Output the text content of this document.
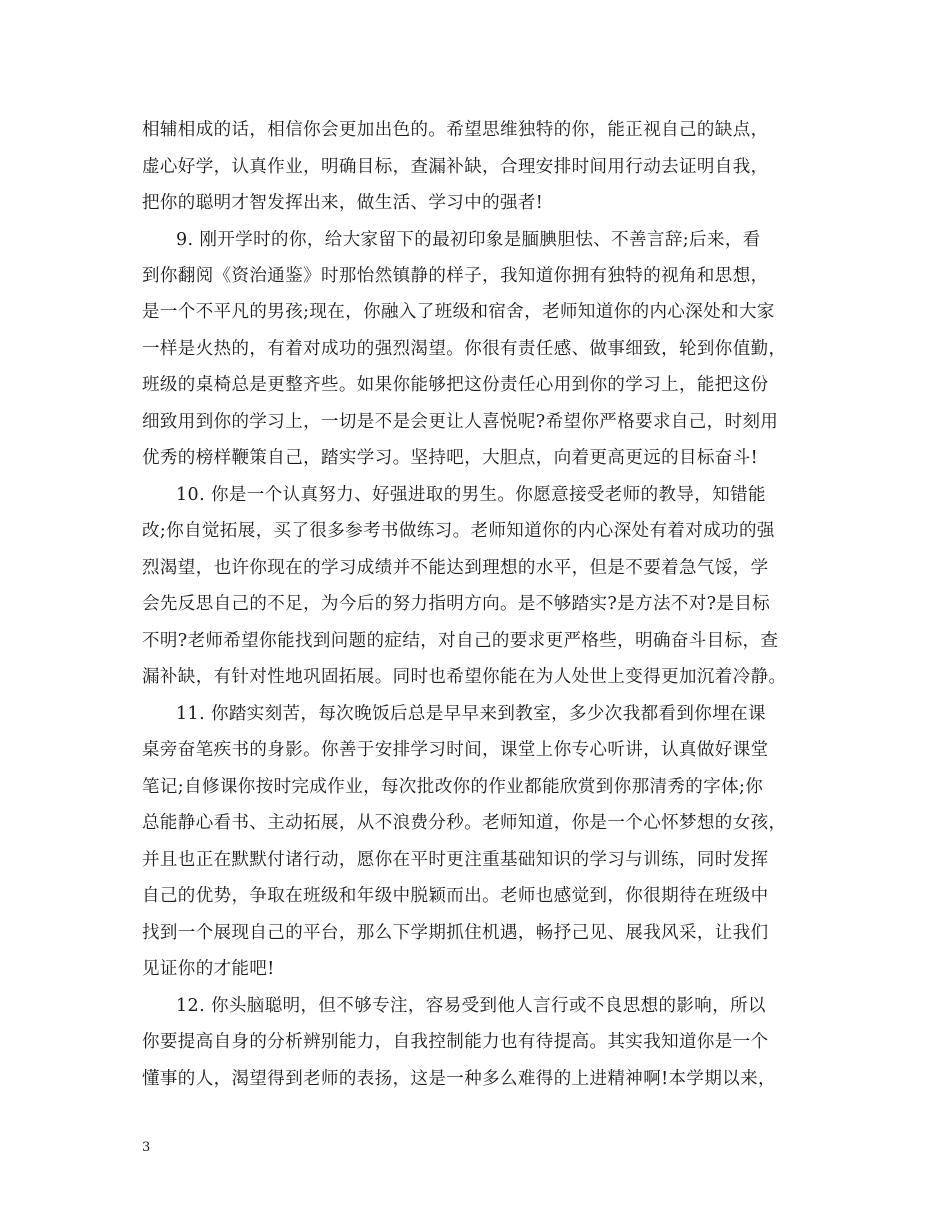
相辅相成的话，相信你会更加出色的。希望思维独特的你，能正视自己的缺点，
虚心好学，认真作业，明确目标，查漏补缺，合理安排时间用行动去证明自我，
把你的聪明才智发挥出来，做生活、学习中的强者!
9. 刚开学时的你，给大家留下的最初印象是腼腆胆怯、不善言辞;后来，看
到你翻阅《资治通鉴》时那怡然镇静的样子，我知道你拥有独特的视角和思想，
是一个不平凡的男孩;现在，你融入了班级和宿舍，老师知道你的内心深处和大家
一样是火热的，有着对成功的强烈渴望。你很有责任感、做事细致，轮到你值勤，
班级的桌椅总是更整齐些。如果你能够把这份责任心用到你的学习上，能把这份
细致用到你的学习上，一切是不是会更让人喜悦呢?希望你严格要求自己，时刻用
优秀的榜样鞭策自己，踏实学习。坚持吧，大胆点，向着更高更远的目标奋斗!
10. 你是一个认真努力、好强进取的男生。你愿意接受老师的教导，知错能
改;你自觉拓展，买了很多参考书做练习。老师知道你的内心深处有着对成功的强
烈渴望，也许你现在的学习成绩并不能达到理想的水平，但是不要着急气馁，学
会先反思自己的不足，为今后的努力指明方向。是不够踏实?是方法不对?是目标
不明?老师希望你能找到问题的症结，对自己的要求更严格些，明确奋斗目标，查
漏补缺，有针对性地巩固拓展。同时也希望你能在为人处世上变得更加沉着冷静。
11. 你踏实刻苦，每次晚饭后总是早早来到教室，多少次我都看到你埋在课
桌旁奋笔疾书的身影。你善于安排学习时间，课堂上你专心听讲，认真做好课堂
笔记;自修课你按时完成作业，每次批改你的作业都能欣赏到你那清秀的字体;你
总能静心看书、主动拓展，从不浪费分秒。老师知道，你是一个心怀梦想的女孩，
并且也正在默默付诸行动，愿你在平时更注重基础知识的学习与训练，同时发挥
自己的优势，争取在班级和年级中脱颖而出。老师也感觉到，你很期待在班级中
找到一个展现自己的平台，那么下学期抓住机遇，畅抒己见、展我风采，让我们
见证你的才能吧!
12. 你头脑聪明，但不够专注，容易受到他人言行或不良思想的影响，所以
你要提高自身的分析辨别能力，自我控制能力也有待提高。其实我知道你是一个
懂事的人，渴望得到老师的表扬，这是一种多么难得的上进精神啊!本学期以来，
3
